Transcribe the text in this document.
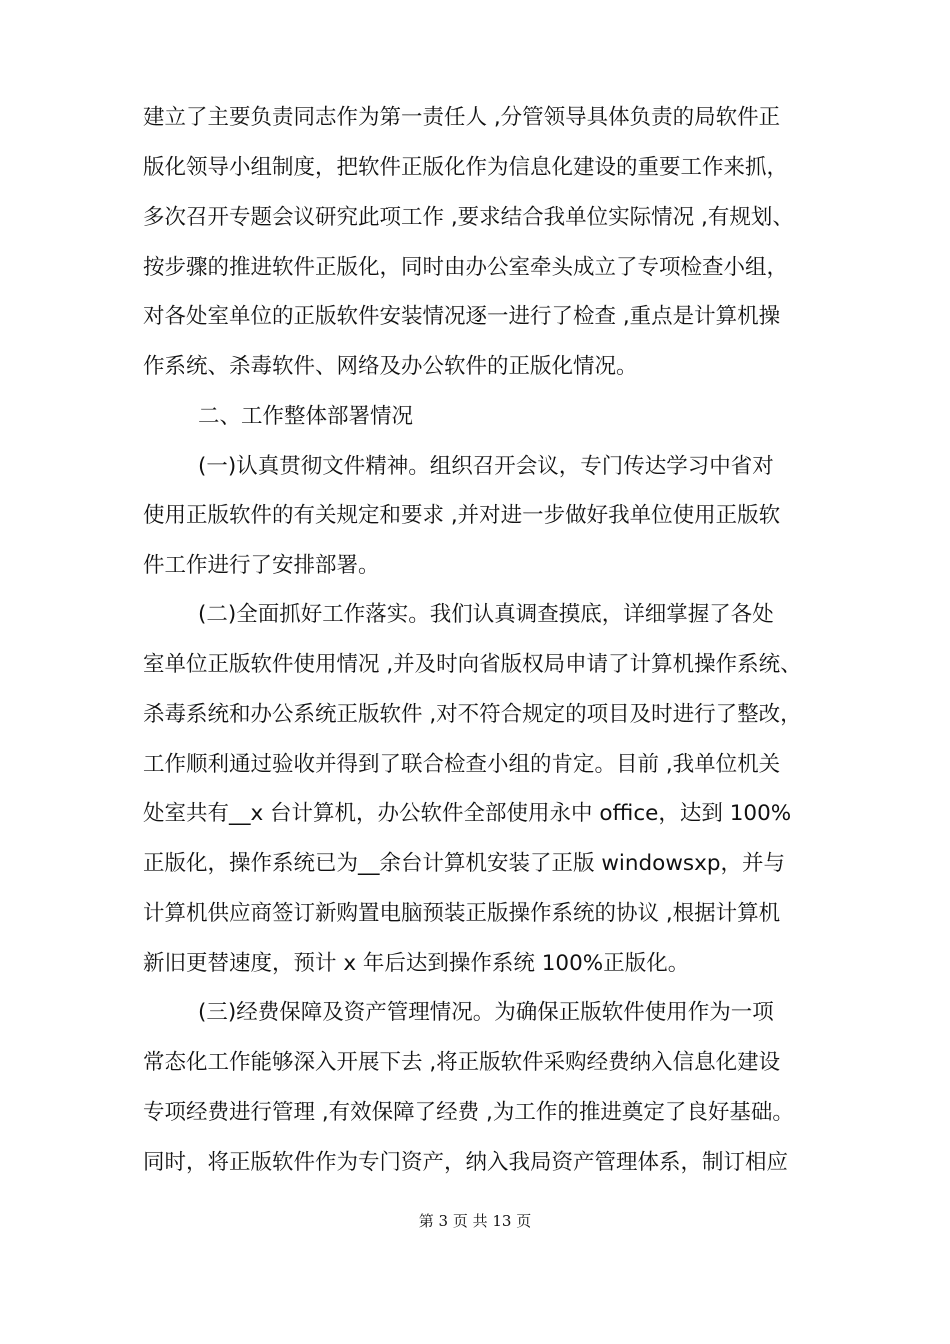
建立了主要负责同志作为第一责任人 ,分管领导具体负责的局软件正
版化领导小组制度，把软件正版化作为信息化建设的重要工作来抓，
多次召开专题会议研究此项工作 ,要求结合我单位实际情况 ,有规划、
按步骤的推进软件正版化，同时由办公室牵头成立了专项检查小组，
对各处室单位的正版软件安装情况逐一进行了检查 ,重点是计算机操
作系统、杀毒软件、网络及办公软件的正版化情况。
二、工作整体部署情况
(一)认真贯彻文件精神。组织召开会议，专门传达学习中省对
使用正版软件的有关规定和要求 ,并对进一步做好我单位使用正版软
件工作进行了安排部署。
(二)全面抓好工作落实。我们认真调查摸底，详细掌握了各处
室单位正版软件使用情况 ,并及时向省版权局申请了计算机操作系统、
杀毒系统和办公系统正版软件 ,对不符合规定的项目及时进行了整改，
工作顺利通过验收并得到了联合检查小组的肯定。目前 ,我单位机关
处室共有__x 台计算机，办公软件全部使用永中 office，达到 100%
正版化，操作系统已为__余台计算机安装了正版 windowsxp，并与
计算机供应商签订新购置电脑预装正版操作系统的协议 ,根据计算机
新旧更替速度，预计 x 年后达到操作系统 100%正版化。
(三)经费保障及资产管理情况。为确保正版软件使用作为一项
常态化工作能够深入开展下去 ,将正版软件采购经费纳入信息化建设
专项经费进行管理 ,有效保障了经费 ,为工作的推进奠定了良好基础。
同时，将正版软件作为专门资产，纳入我局资产管理体系，制订相应
第 3 页 共 13 页
